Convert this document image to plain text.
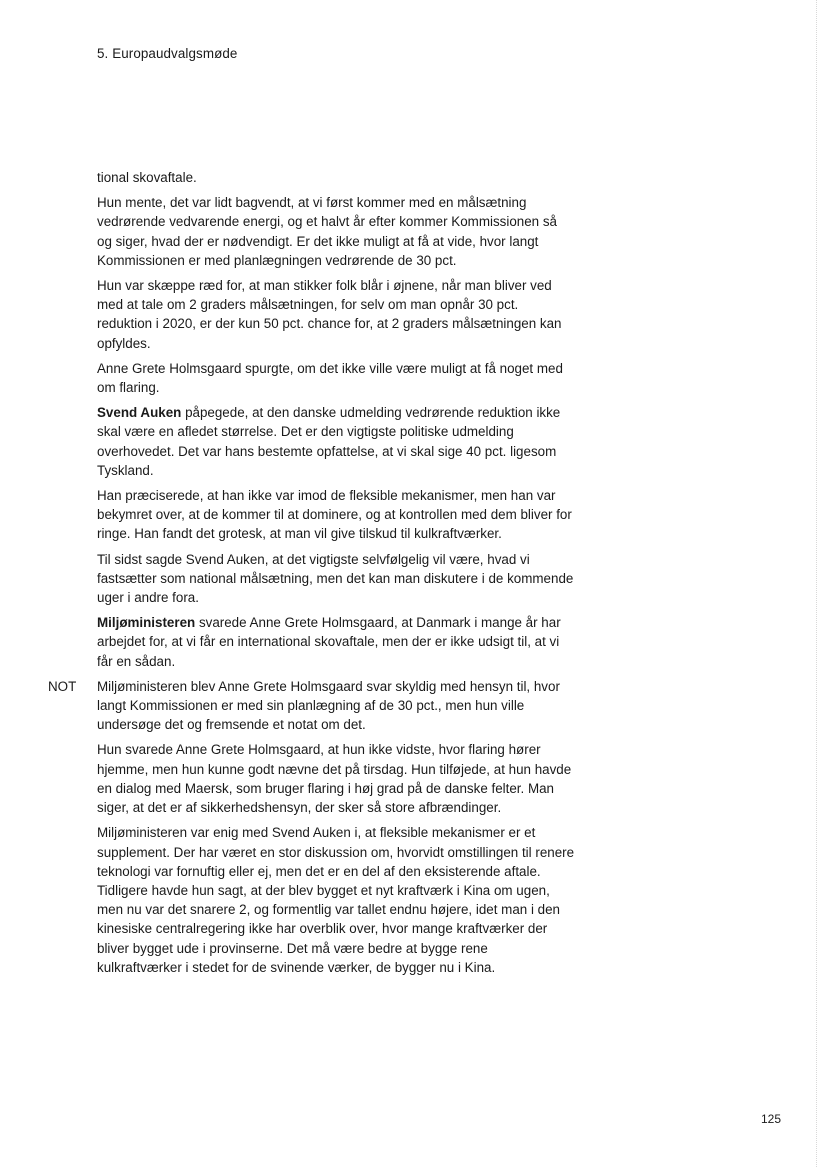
5. Europaudvalgsmøde

tional skovaftale.

Hun mente, det var lidt bagvendt, at vi først kommer med en målsætning vedrørende vedvarende energi, og et halvt år efter kommer Kommissionen så og siger, hvad der er nødvendigt. Er det ikke muligt at få at vide, hvor langt Kommissionen er med planlægningen vedrørende de 30 pct.

Hun var skæppe ræd for, at man stikker folk blår i øjnene, når man bliver ved med at tale om 2 graders målsætningen, for selv om man opnår 30 pct. reduktion i 2020, er der kun 50 pct. chance for, at 2 graders målsætningen kan opfyldes.

Anne Grete Holmsgaard spurgte, om det ikke ville være muligt at få noget med om flaring.

Svend Auken påpegede, at den danske udmelding vedrørende reduktion ikke skal være en afledet størrelse. Det er den vigtigste politiske udmelding overhovedet. Det var hans bestemte opfattelse, at vi skal sige 40 pct. ligesom Tyskland.

Han præciserede, at han ikke var imod de fleksible mekanismer, men han var bekymret over, at de kommer til at dominere, og at kontrollen med dem bliver for ringe. Han fandt det grotesk, at man vil give tilskud til kulkraftværker.

Til sidst sagde Svend Auken, at det vigtigste selvfølgelig vil være, hvad vi fastsætter som national målsætning, men det kan man diskutere i de kommende uger i andre fora.

Miljøministeren svarede Anne Grete Holmsgaard, at Danmark i mange år har arbejdet for, at vi får en international skovaftale, men der er ikke udsigt til, at vi får en sådan.

NOT Miljøministeren blev Anne Grete Holmsgaard svar skyldig med hensyn til, hvor langt Kommissionen er med sin planlægning af de 30 pct., men hun ville undersøge det og fremsende et notat om det.

Hun svarede Anne Grete Holmsgaard, at hun ikke vidste, hvor flaring hører hjemme, men hun kunne godt nævne det på tirsdag. Hun tilføjede, at hun havde en dialog med Maersk, som bruger flaring i høj grad på de danske felter. Man siger, at det er af sikkerhedshensyn, der sker så store afbrændinger.

Miljøministeren var enig med Svend Auken i, at fleksible mekanismer er et supplement. Der har været en stor diskussion om, hvorvidt omstillingen til renere teknologi var fornuftig eller ej, men det er en del af den eksisterende aftale. Tidligere havde hun sagt, at der blev bygget et nyt kraftværk i Kina om ugen, men nu var det snarere 2, og formentlig var tallet endnu højere, idet man i den kinesiske centralregering ikke har overblik over, hvor mange kraftværker der bliver bygget ude i provinserne. Det må være bedre at bygge rene kulkraftværker i stedet for de svinende værker, de bygger nu i Kina.

125
